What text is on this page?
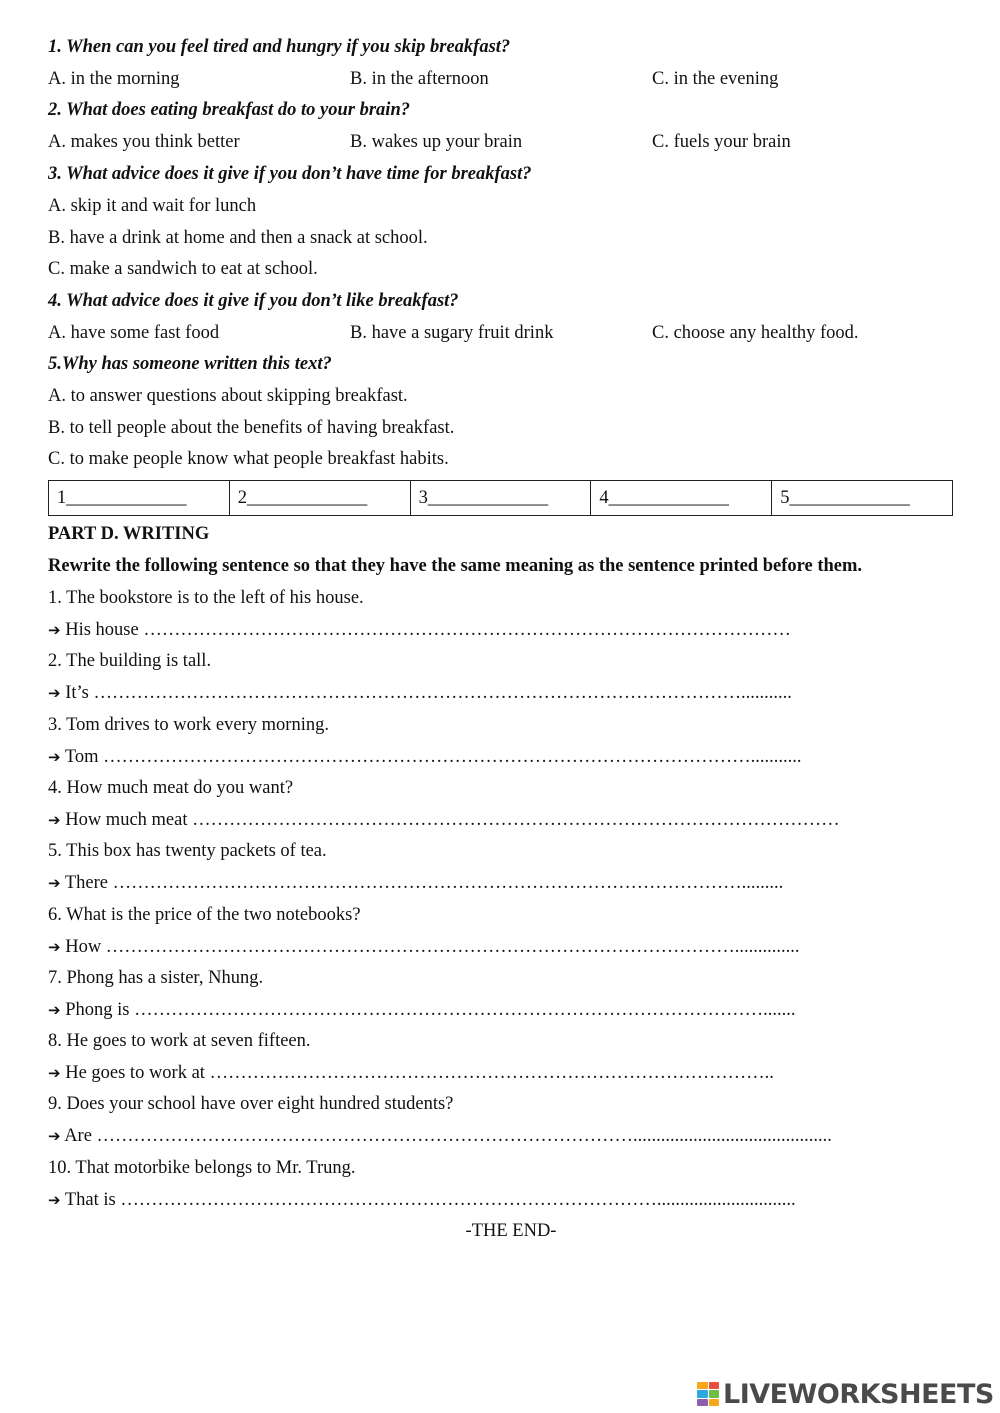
1. When can you feel tired and hungry if you skip breakfast?
A. in the morning	B. in the afternoon	C. in the evening
2. What does eating breakfast do to your brain?
A. makes you think better	B. wakes up your brain	C. fuels your brain
3. What advice does it give if you don’t have time for breakfast?
A. skip it and wait for lunch
B. have a drink at home and then a snack at school.
C. make a sandwich to eat at school.
4. What advice does it give if you don’t like breakfast?
A. have some fast food	B. have a sugary fruit drink	C. choose any healthy food.
5.Why has someone written this text?
A. to answer questions about skipping breakfast.
B. to tell people about the benefits of having breakfast.
C. to make people know what people breakfast habits.
1_____________	2_____________	3_____________	4_____________	5_____________
PART D. WRITING
Rewrite the following sentence so that they have the same meaning as the sentence printed before them.
1. The bookstore is to the left of his house.
➔ His house ……………………………………………………………………………………………
2. The building is tall.
➔ It’s ……………………………………………………………………………………………...........
3. Tom drives to work every morning.
➔ Tom ……………………………………………………………………………………………...........
4. How much meat do you want?
➔ How much meat ……………………………………………………………………………………………
5. This box has twenty packets of tea.
➔ There ………………………………………………………………………………………….........
6. What is the price of the two notebooks?
➔ How …………………………………………………………………………………………..............
7. Phong has a sister, Nhung.
➔ Phong is ………………………………………………………………………………………….......
8. He goes to work at seven fifteen.
➔ He goes to work at ………………………………………………………………………………..
9. Does your school have over eight hundred students?
➔ Are ……………………………………………………………………………...........................................
10. That motorbike belongs to Mr. Trung.
➔ That is ……………………………………………………………………………..............................
-THE END-
LIVEWORKSHEETS
